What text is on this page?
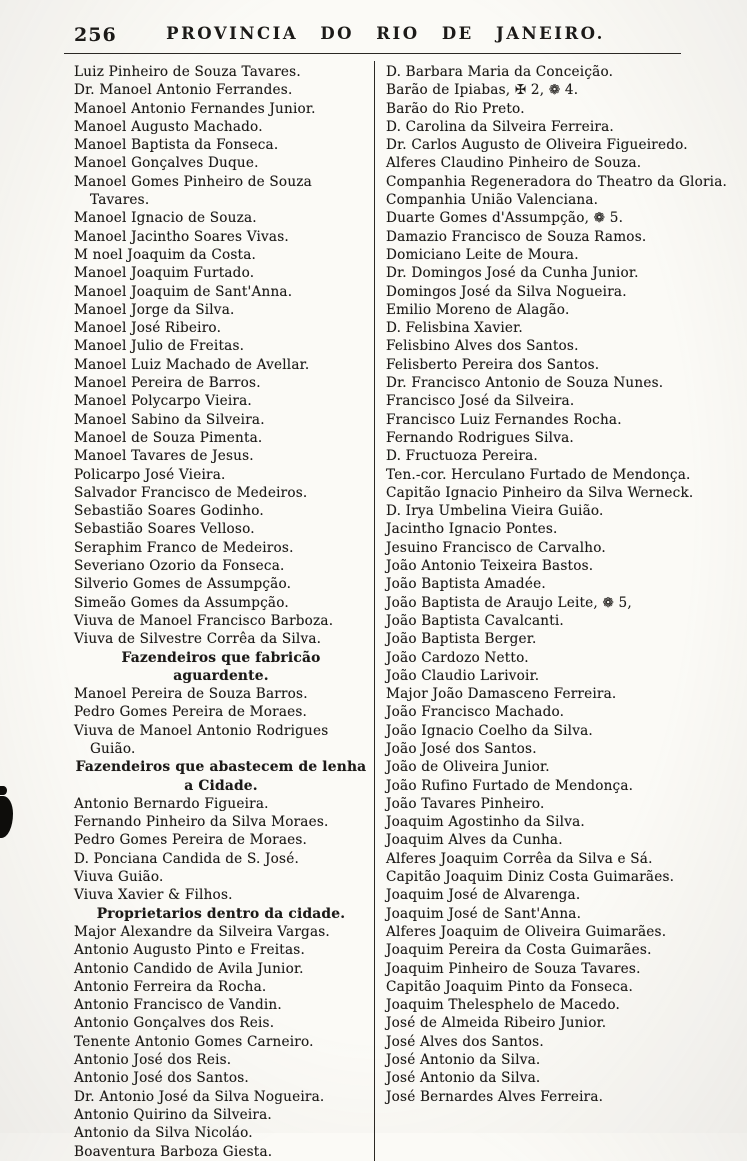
256	PROVINCIA DO RIO DE JANEIRO.
Luiz Pinheiro de Souza Tavares.
Dr. Manoel Antonio Ferrandes.
Manoel Antonio Fernandes Junior.
Manoel Augusto Machado.
Manoel Baptista da Fonseca.
Manoel Gonçalves Duque.
Manoel Gomes Pinheiro de Souza Tavares.
Manoel Ignacio de Souza.
Manoel Jacintho Soares Vivas.
M noel Joaquim da Costa.
Manoel Joaquim Furtado.
Manoel Joaquim de Sant'Anna.
Manoel Jorge da Silva.
Manoel José Ribeiro.
Manoel Julio de Freitas.
Manoel Luiz Machado de Avellar.
Manoel Pereira de Barros.
Manoel Polycarpo Vieira.
Manoel Sabino da Silveira.
Manoel de Souza Pimenta.
Manoel Tavares de Jesus.
Policarpo José Vieira.
Salvador Francisco de Medeiros.
Sebastião Soares Godinho.
Sebastião Soares Velloso.
Seraphim Franco de Medeiros.
Severiano Ozorio da Fonseca.
Silverio Gomes de Assumpção.
Simeão Gomes da Assumpção.
Viuva de Manoel Francisco Barboza.
Viuva de Silvestre Corrêa da Silva.
Fazendeiros que fabricão aguardente.
Manoel Pereira de Souza Barros.
Pedro Gomes Pereira de Moraes.
Viuva de Manoel Antonio Rodrigues Guião.
Fazendeiros que abastecem de lenha
a Cidade.
Antonio Bernardo Figueira.
Fernando Pinheiro da Silva Moraes.
Pedro Gomes Pereira de Moraes.
D. Ponciana Candida de S. José.
Viuva Guião.
Viuva Xavier & Filhos.
Proprietarios dentro da cidade.
Major Alexandre da Silveira Vargas.
Antonio Augusto Pinto e Freitas.
Antonio Candido de Avila Junior.
Antonio Ferreira da Rocha.
Antonio Francisco de Vandin.
Antonio Gonçalves dos Reis.
Tenente Antonio Gomes Carneiro.
Antonio José dos Reis.
Antonio José dos Santos.
Dr. Antonio José da Silva Nogueira.
Antonio Quirino da Silveira.
Antonio da Silva Nicoláo.
Boaventura Barboza Giesta.
D. Barbara Maria da Conceição.
Barão de Ipiabas, ✠ 2, ❁ 4.
Barão do Rio Preto.
D. Carolina da Silveira Ferreira.
Dr. Carlos Augusto de Oliveira Figueiredo.
Alferes Claudino Pinheiro de Souza.
Companhia Regeneradora do Theatro da Gloria.
Companhia União Valenciana.
Duarte Gomes d'Assumpção, ❁ 5.
Damazio Francisco de Souza Ramos.
Domiciano Leite de Moura.
Dr. Domingos José da Cunha Junior.
Domingos José da Silva Nogueira.
Emilio Moreno de Alagão.
D. Felisbina Xavier.
Felisbino Alves dos Santos.
Felisberto Pereira dos Santos.
Dr. Francisco Antonio de Souza Nunes.
Francisco José da Silveira.
Francisco Luiz Fernandes Rocha.
Fernando Rodrigues Silva.
D. Fructuoza Pereira.
Ten.-cor. Herculano Furtado de Mendonça.
Capitão Ignacio Pinheiro da Silva Werneck.
D. Irya Umbelina Vieira Guião.
Jacintho Ignacio Pontes.
Jesuino Francisco de Carvalho.
João Antonio Teixeira Bastos.
João Baptista Amadée.
João Baptista de Araujo Leite, ❁ 5,
João Baptista Cavalcanti.
João Baptista Berger.
João Cardozo Netto.
João Claudio Larivoir.
Major João Damasceno Ferreira.
João Francisco Machado.
João Ignacio Coelho da Silva.
João José dos Santos.
João de Oliveira Junior.
João Rufino Furtado de Mendonça.
João Tavares Pinheiro.
Joaquim Agostinho da Silva.
Joaquim Alves da Cunha.
Alferes Joaquim Corrêa da Silva e Sá.
Capitão Joaquim Diniz Costa Guimarães.
Joaquim José de Alvarenga.
Joaquim José de Sant'Anna.
Alferes Joaquim de Oliveira Guimarães.
Joaquim Pereira da Costa Guimarães.
Joaquim Pinheiro de Souza Tavares.
Capitão Joaquim Pinto da Fonseca.
Joaquim Thelesphelo de Macedo.
José de Almeida Ribeiro Junior.
José Alves dos Santos.
José Antonio da Silva.
José Antonio da Silva.
José Bernardes Alves Ferreira.
